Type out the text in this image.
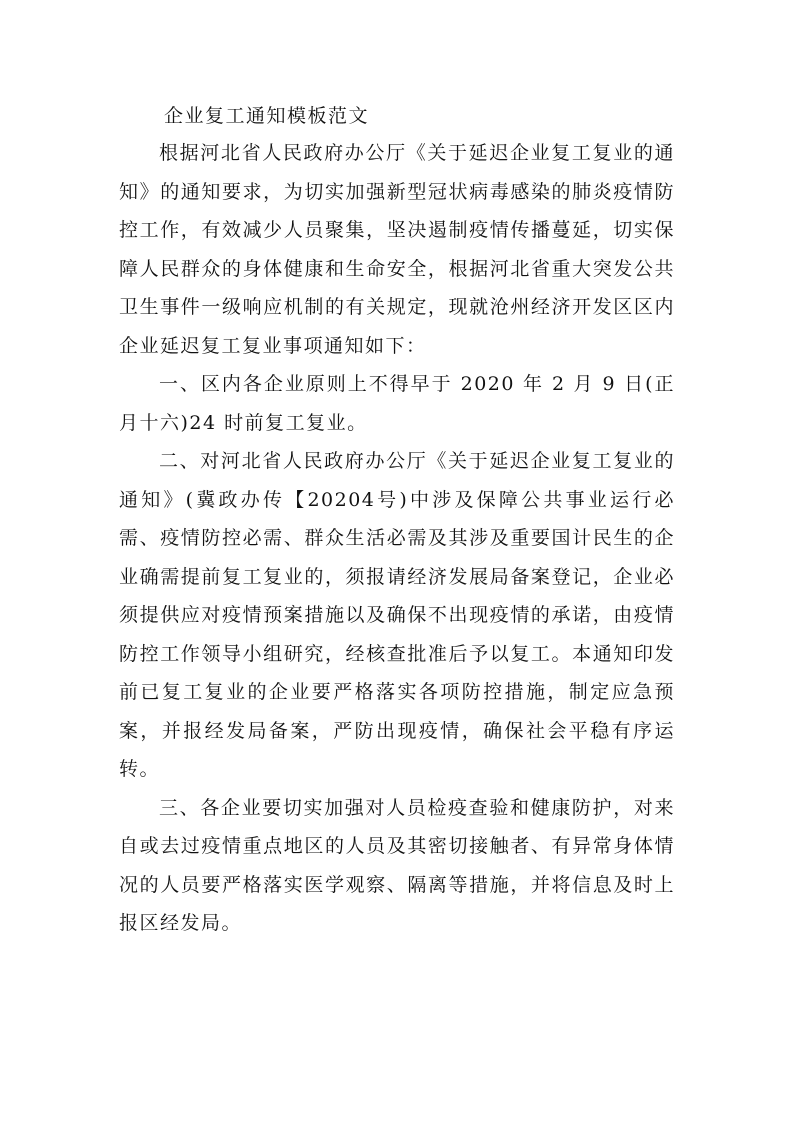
企业复工通知模板范文

根据河北省人民政府办公厅《关于延迟企业复工复业的通知》的通知要求，为切实加强新型冠状病毒感染的肺炎疫情防控工作，有效减少人员聚集，坚决遏制疫情传播蔓延，切实保障人民群众的身体健康和生命安全，根据河北省重大突发公共卫生事件一级响应机制的有关规定，现就沧州经济开发区区内企业延迟复工复业事项通知如下：

一、区内各企业原则上不得早于 2020 年 2 月 9 日(正月十六)24 时前复工复业。

二、对河北省人民政府办公厅《关于延迟企业复工复业的通知》(冀政办传【20204号)中涉及保障公共事业运行必需、疫情防控必需、群众生活必需及其涉及重要国计民生的企业确需提前复工复业的，须报请经济发展局备案登记，企业必须提供应对疫情预案措施以及确保不出现疫情的承诺，由疫情防控工作领导小组研究，经核查批准后予以复工。本通知印发前已复工复业的企业要严格落实各项防控措施，制定应急预案，并报经发局备案，严防出现疫情，确保社会平稳有序运转。

三、各企业要切实加强对人员检疫查验和健康防护，对来自或去过疫情重点地区的人员及其密切接触者、有异常身体情况的人员要严格落实医学观察、隔离等措施，并将信息及时上报区经发局。
